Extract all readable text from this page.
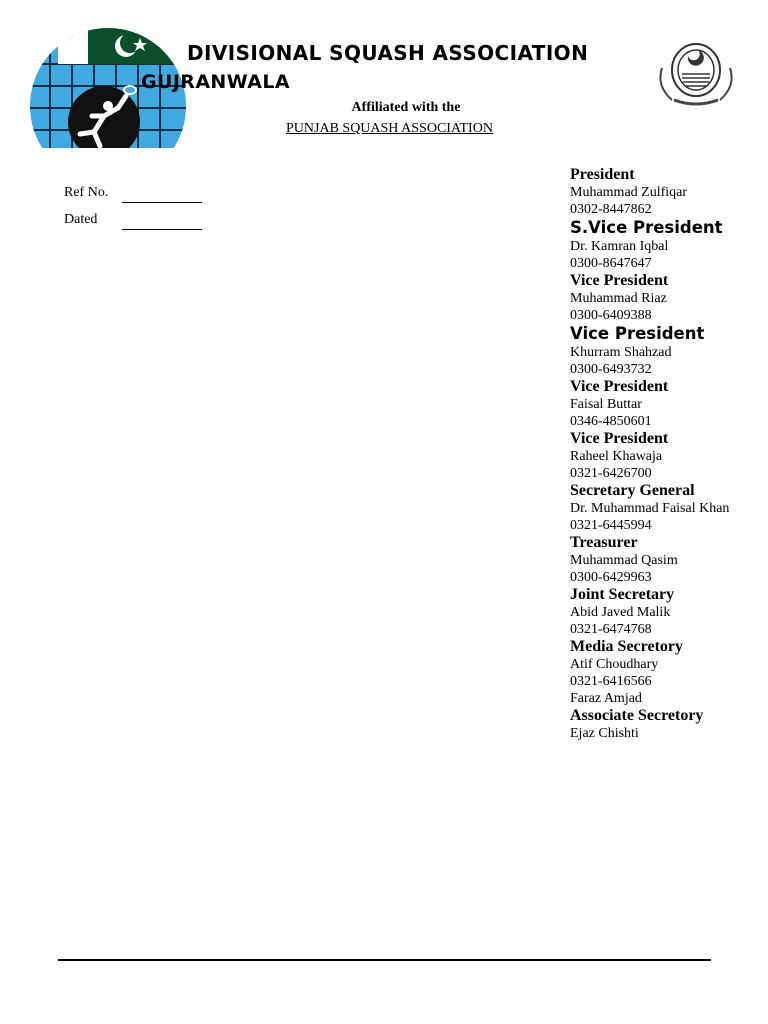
DIVISIONAL SQUASH ASSOCIATION
GUJRANWALA
Affiliated with the
PUNJAB SQUASH ASSOCIATION
Ref No.
Dated
President
Muhammad Zulfiqar
0302-8447862
S.Vice President
Dr. Kamran Iqbal
0300-8647647
Vice President
Muhammad Riaz
0300-6409388
Vice President
Khurram Shahzad
0300-6493732
Vice President
Faisal Buttar
0346-4850601
Vice President
Raheel Khawaja
0321-6426700
Secretary General
Dr. Muhammad Faisal Khan
0321-6445994
Treasurer
Muhammad Qasim
0300-6429963
Joint Secretary
Abid Javed Malik
0321-6474768
Media Secretory
Atif Choudhary
0321-6416566
Faraz Amjad
Associate Secretory
Ejaz Chishti
